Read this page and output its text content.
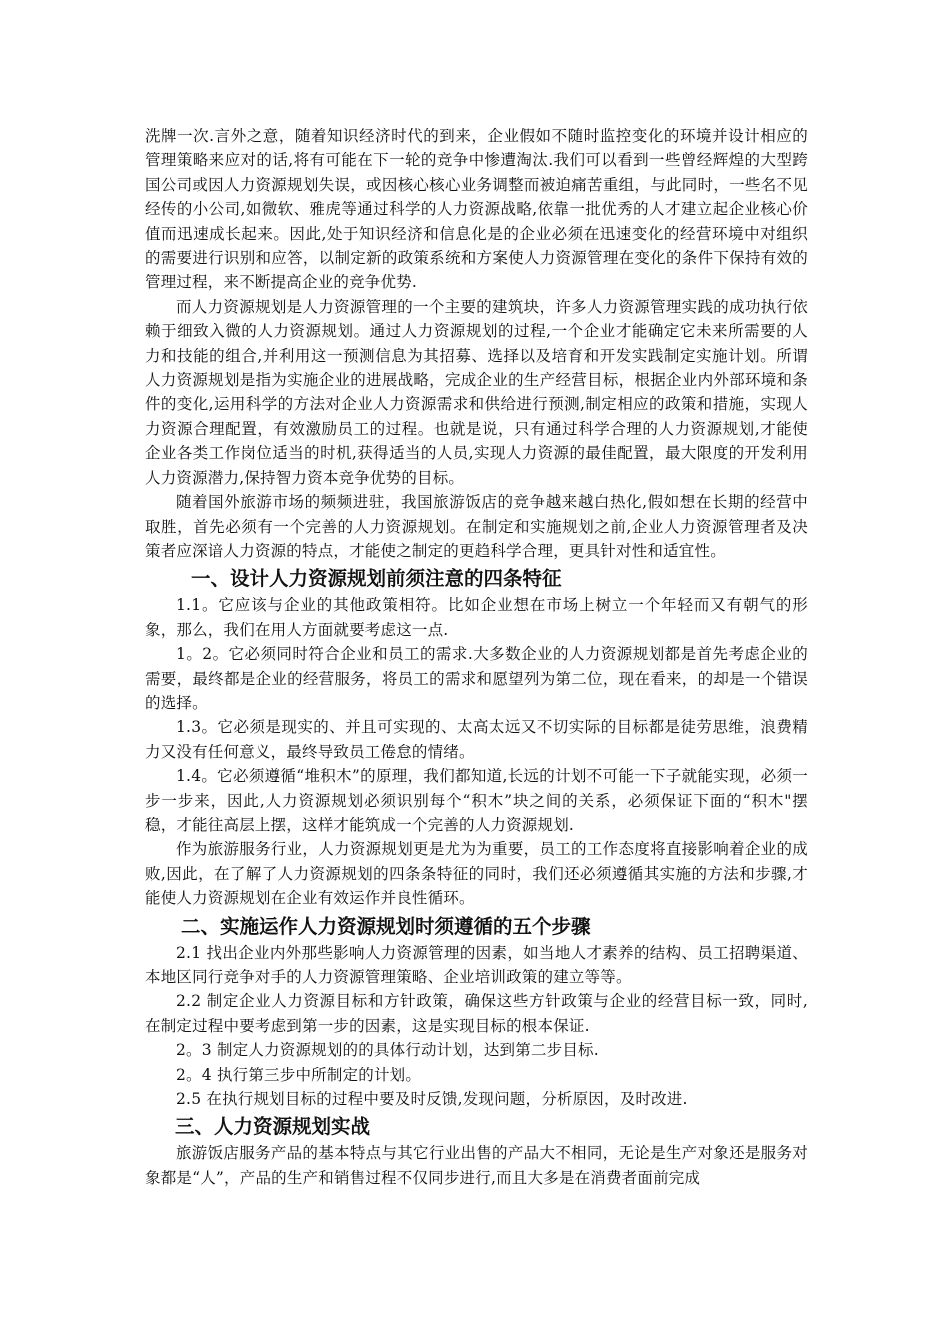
洗牌一次.言外之意，随着知识经济时代的到来，企业假如不随时监控变化的环境并设计相应的管理策略来应对的话,将有可能在下一轮的竞争中惨遭淘汰.我们可以看到一些曾经辉煌的大型跨国公司或因人力资源规划失误，或因核心核心业务调整而被迫痛苦重组，与此同时，一些名不见经传的小公司,如微软、雅虎等通过科学的人力资源战略,依靠一批优秀的人才建立起企业核心价值而迅速成长起来。因此,处于知识经济和信息化是的企业必须在迅速变化的经营环境中对组织的需要进行识别和应答，以制定新的政策系统和方案使人力资源管理在变化的条件下保持有效的管理过程，来不断提高企业的竞争优势.

而人力资源规划是人力资源管理的一个主要的建筑块，许多人力资源管理实践的成功执行依赖于细致入微的人力资源规划。通过人力资源规划的过程,一个企业才能确定它未来所需要的人力和技能的组合,并利用这一预测信息为其招募、选择以及培育和开发实践制定实施计划。所谓人力资源规划是指为实施企业的进展战略，完成企业的生产经营目标，根据企业内外部环境和条件的变化,运用科学的方法对企业人力资源需求和供给进行预测,制定相应的政策和措施，实现人力资源合理配置，有效激励员工的过程。也就是说，只有通过科学合理的人力资源规划,才能使企业各类工作岗位适当的时机,获得适当的人员,实现人力资源的最佳配置，最大限度的开发利用人力资源潜力,保持智力资本竞争优势的目标。

随着国外旅游市场的频频进驻，我国旅游饭店的竞争越来越白热化,假如想在长期的经营中取胜，首先必须有一个完善的人力资源规划。在制定和实施规划之前,企业人力资源管理者及决策者应深谙人力资源的特点，才能使之制定的更趋科学合理，更具针对性和适宜性。

一、设计人力资源规划前须注意的四条特征

1.1。它应该与企业的其他政策相符。比如企业想在市场上树立一个年轻而又有朝气的形象，那么，我们在用人方面就要考虑这一点.

1。2。它必须同时符合企业和员工的需求.大多数企业的人力资源规划都是首先考虑企业的需要，最终都是企业的经营服务，将员工的需求和愿望列为第二位，现在看来，的却是一个错误的选择。

1.3。它必须是现实的、并且可实现的、太高太远又不切实际的目标都是徒劳思维，浪费精力又没有任何意义，最终导致员工倦怠的情绪。

1.4。它必须遵循“堆积木”的原理，我们都知道,长远的计划不可能一下子就能实现，必须一步一步来，因此,人力资源规划必须识别每个“积木”块之间的关系，必须保证下面的“积木"摆稳，才能往高层上摆，这样才能筑成一个完善的人力资源规划.

作为旅游服务行业，人力资源规划更是尤为为重要，员工的工作态度将直接影响着企业的成败,因此，在了解了人力资源规划的四条条特征的同时，我们还必须遵循其实施的方法和步骤,才能使人力资源规划在企业有效运作并良性循环。

二、实施运作人力资源规划时须遵循的五个步骤

2.1 找出企业内外那些影响人力资源管理的因素，如当地人才素养的结构、员工招聘渠道、本地区同行竞争对手的人力资源管理策略、企业培训政策的建立等等。

2.2 制定企业人力资源目标和方针政策，确保这些方针政策与企业的经营目标一致，同时,在制定过程中要考虑到第一步的因素，这是实现目标的根本保证.

2。3 制定人力资源规划的的具体行动计划，达到第二步目标.

2。4 执行第三步中所制定的计划。

2.5 在执行规划目标的过程中要及时反馈,发现问题，分析原因，及时改进.

三、人力资源规划实战

旅游饭店服务产品的基本特点与其它行业出售的产品大不相同，无论是生产对象还是服务对象都是“人”，产品的生产和销售过程不仅同步进行,而且大多是在消费者面前完成
